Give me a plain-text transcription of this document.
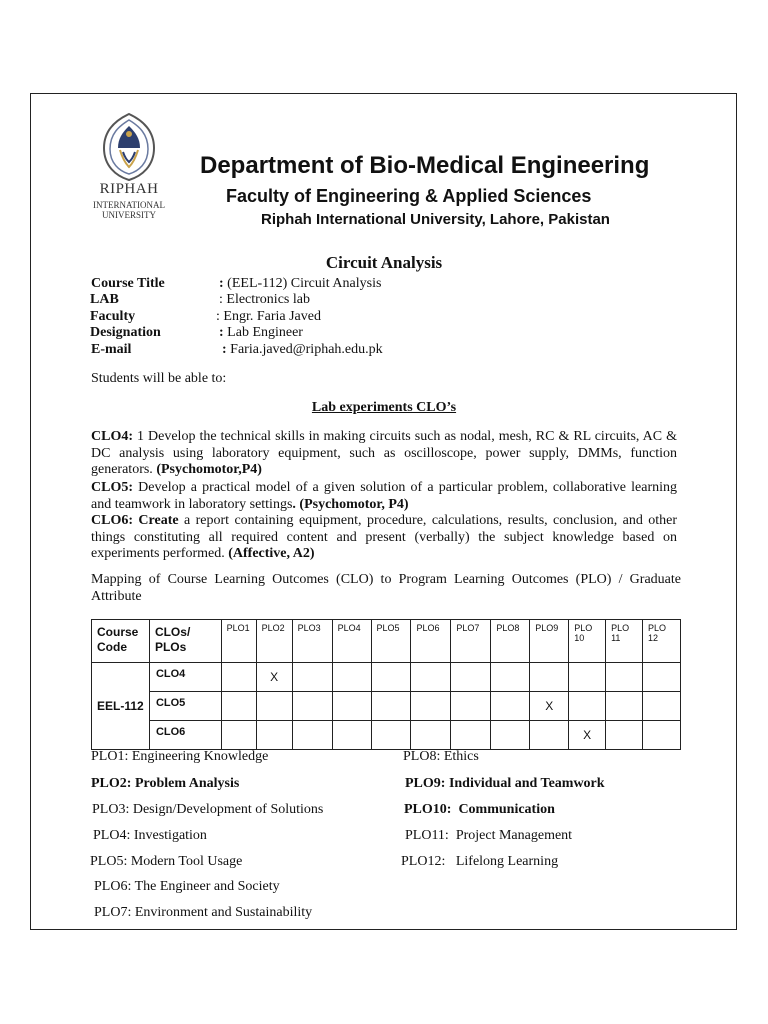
RIPHAH
INTERNATIONAL
UNIVERSITY
Department of Bio-Medical Engineering
Faculty of Engineering & Applied Sciences
Riphah International University, Lahore, Pakistan
Circuit Analysis
Course Title	: (EEL-112) Circuit Analysis
LAB	: Electronics lab
Faculty	: Engr. Faria Javed
Designation	: Lab Engineer
E-mail	: Faria.javed@riphah.edu.pk
Students will be able to:
Lab experiments CLO’s
CLO4: 1 Develop the technical skills in making circuits such as nodal, mesh, RC & RL circuits, AC & DC analysis using laboratory equipment, such as oscilloscope, power supply, DMMs, function generators. (Psychomotor,P4)
CLO5: Develop a practical model of a given solution of a particular problem, collaborative learning and teamwork in laboratory settings. (Psychomotor, P4)
CLO6: Create a report containing equipment, procedure, calculations, results, conclusion, and other things constituting all required content and present (verbally) the subject knowledge based on experiments performed. (Affective, A2)
Mapping of Course Learning Outcomes (CLO) to Program Learning Outcomes (PLO) / Graduate Attribute
Course
Code	CLOs/
PLOs	PLO1	PLO2	PLO3	PLO4	PLO5	PLO6	PLO7	PLO8	PLO9	PLO 10	PLO 11	PLO 12
EEL-112	CLO4		X										
	CLO5									X			
	CLO6										X		
PLO1: Engineering Knowledge
PLO2: Problem Analysis
PLO3: Design/Development of Solutions
PLO4: Investigation
PLO5: Modern Tool Usage
PLO6: The Engineer and Society
PLO7: Environment and Sustainability
PLO8: Ethics
PLO9: Individual and Teamwork
PLO10:  Communication
PLO11:  Project Management
PLO12:   Lifelong Learning
